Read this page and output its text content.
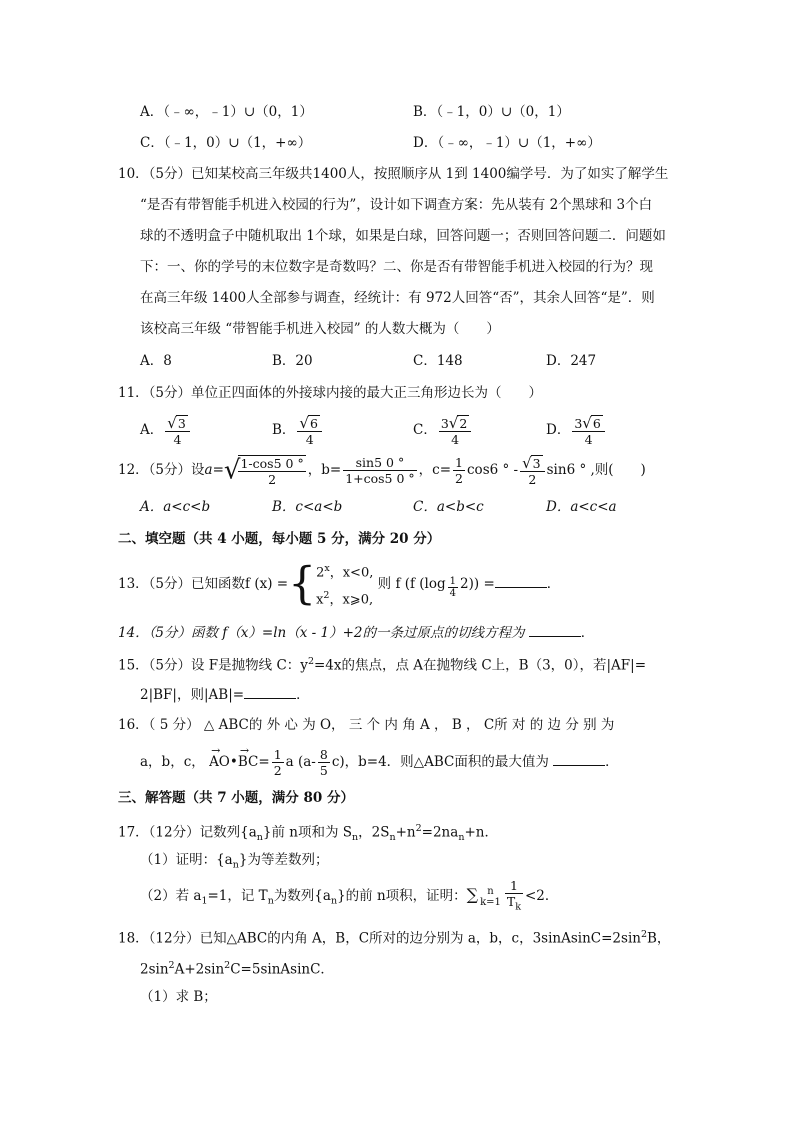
A．（﹣∞，﹣1）∪（0，1）	B．（﹣1，0）∪（0，1）
C．（﹣1，0）∪（1，+∞）	D．（﹣∞，﹣1）∪（1，+∞）
10．（5分）已知某校高三年级共1400人，按照顺序从 1到 1400编学号．为了如实了解学生
“是否有带智能手机进入校园的行为”，设计如下调查方案：先从装有 2个黑球和 3个白
球的不透明盒子中随机取出 1个球，如果是白球，回答问题一；否则回答问题二．问题如
下：一、你的学号的末位数字是奇数吗？二、你是否有带智能手机进入校园的行为？现
在高三年级 1400人全部参与调查，经统计：有 972人回答“否”，其余人回答“是”．则
该校高三年级 “带智能手机进入校园” 的人数大概为（　　）
A．8	B．20	C．148	D．247
11．（5分）单位正四面体的外接球内接的最大正三角形边长为（　　）
A． $\frac{√3}{4}$	B． $\frac{√6}{4}$	C． $\frac{3√2}{4}$	D． $\frac{3√6}{4}$
12．（5分）设a=√
$\frac{1-\cos 5 0 ^\circ}{2}$ ，$b= \frac{\sin 5 0 ^\circ}{1+\cos 5 0 ^\circ}$ ，$c= \frac{1}{2} \cos 6$ ° - $\frac{√3}{2} \sin 6$ ° ,则(　　)
A．a<c<b	B．c<a<b	C．a<b<c	D．a<c<a
二、填空题（共 4 小题，每小题 5 分，满分 20 分）
13．（5分）已知函数f $(x) =\{2^x$，x<0,
$x^2$，x⩾0, 则 f (f $(\log \frac{1}{4} 2)$) =	．
14．（5分）函数 f（x）=ln（x - 1）+2的一条过原点的切线方程为	．
15．（5分）设 F是抛物线 C：$y^2=4x$的焦点，点 A在抛物线 C上，B（3，0），若|AF|=
2|BF|，则|AB|=	．
16．（ 5 分） △ ABC的 外 心 为 O， 三 个 内 角 A ， B ， C所 对 的 边 分 别 为
a，b，c， → AO•→ $BC= \frac{1}{2}$ a $(a- \frac{8}{5} c)$，b=4．则△ABC面积的最大值为	．
三、解答题（共 7 小题，满分 80 分）
17．（12分）记数列$\{a_n\}$前 n项和为 $S_n$，$2S_n+n^2=2na_n+n$．
（1）证明：$\{a_n\}$为等差数列；
（2）若 $a_1=1$，记 $T_n$为数列$\{a_n\}$的前 n项积，证明：∑ n
$k=1 \frac{1}{T_k} <2$．
18．（12分）已知△ABC的内角 A，B，C所对的边分别为 a，b，c，$3sinAsinC=2\sin^2B$，
$2\sin^2A+2\sin^2C=5sinAsinC$．
（1）求 B；
